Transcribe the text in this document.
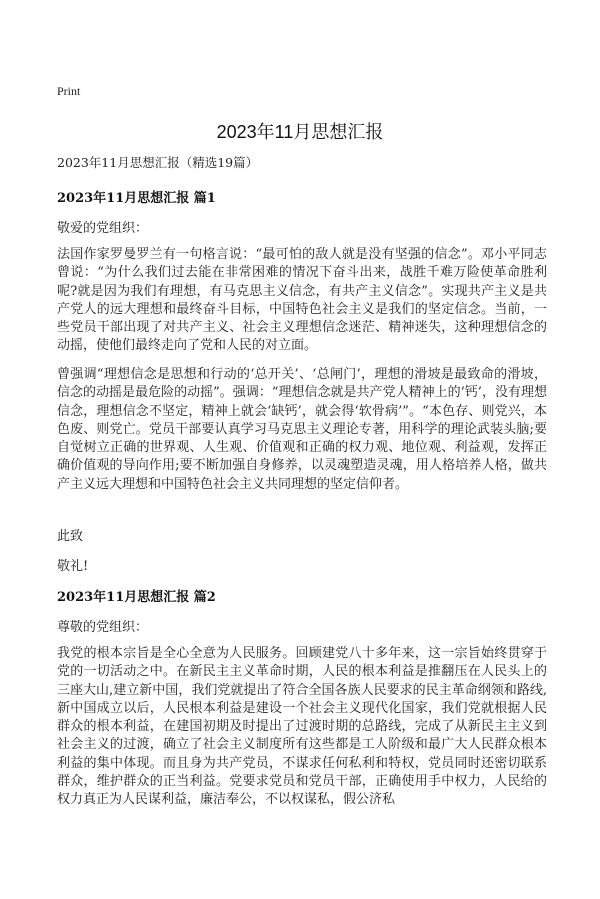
Print
2023年11月思想汇报
2023年11月思想汇报（精选19篇）
2023年11月思想汇报 篇1
敬爱的党组织：

法国作家罗曼罗兰有一句格言说：“最可怕的敌人就是没有坚强的信念”。邓小平同志曾说：“为什么我们过去能在非常困难的情况下奋斗出来，战胜千难万险使革命胜利呢?就是因为我们有理想，有马克思主义信念，有共产主义信念”。实现共产主义是共产党人的远大理想和最终奋斗目标，中国特色社会主义是我们的坚定信念。当前，一些党员干部出现了对共产主义、社会主义理想信念迷茫、精神迷失，这种理想信念的动摇，使他们最终走向了党和人民的对立面。

曾强调“理想信念是思想和行动的‘总开关’、‘总闸门’，理想的滑坡是最致命的滑坡，信念的动摇是最危险的动摇”。强调：“理想信念就是共产党人精神上的‘钙’，没有理想信念，理想信念不坚定，精神上就会‘缺钙’，就会得‘软骨病’”。“本色存、则党兴，本色废、则党亡。党员干部要认真学习马克思主义理论专著，用科学的理论武装头脑;要自觉树立正确的世界观、人生观、价值观和正确的权力观、地位观、利益观，发挥正确价值观的导向作用;要不断加强自身修养，以灵魂塑造灵魂，用人格培养人格，做共产主义远大理想和中国特色社会主义共同理想的坚定信仰者。

此致
敬礼!
2023年11月思想汇报 篇2
尊敬的党组织：

我党的根本宗旨是全心全意为人民服务。回顾建党八十多年来，这一宗旨始终贯穿于党的一切活动之中。在新民主主义革命时期，人民的根本利益是推翻压在人民头上的三座大山,建立新中国，我们党就提出了符合全国各族人民要求的民主革命纲领和路线,新中国成立以后，人民根本利益是建设一个社会主义现代化国家，我们党就根据人民群众的根本利益，在建国初期及时提出了过渡时期的总路线，完成了从新民主主义到社会主义的过渡，确立了社会主义制度所有这些都是工人阶级和最广大人民群众根本利益的集中体现。而且身为共产党员，不谋求任何私利和特权，党员同时还密切联系群众，维护群众的正当利益。党要求党员和党员干部，正确使用手中权力，人民给的权力真正为人民谋利益，廉洁奉公，不以权谋私，假公济私
